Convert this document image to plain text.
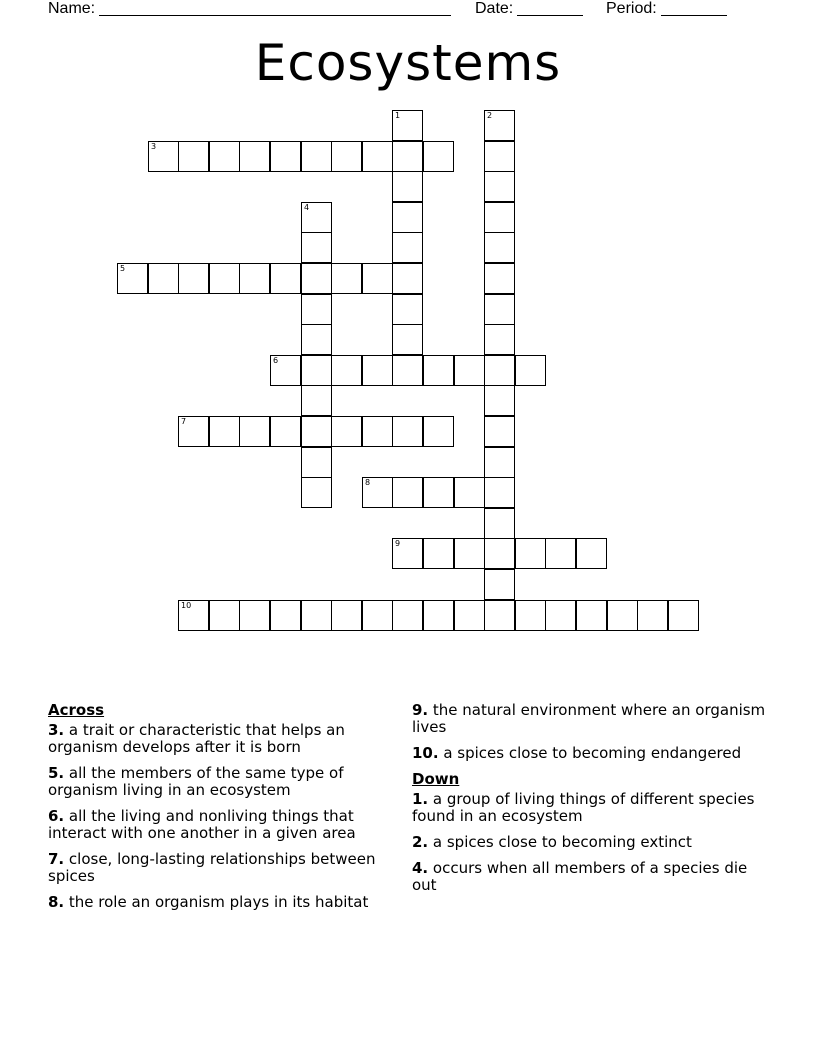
Name:	Date:	Period:
Ecosystems
1	2
3
4
5
6
7
8
9
10
Across
3. a trait or characteristic that helps an organism develops after it is born
5. all the members of the same type of organism living in an ecosystem
6. all the living and nonliving things that interact with one another in a given area
7. close, long-lasting relationships between spices
8. the role an organism plays in its habitat
9. the natural environment where an organism lives
10. a spices close to becoming endangered
Down
1. a group of living things of different species found in an ecosystem
2. a spices close to becoming extinct
4. occurs when all members of a species die out
